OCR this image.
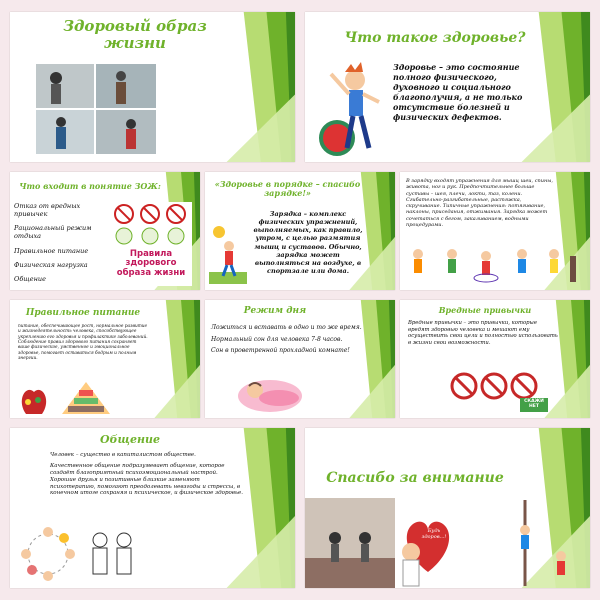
Здоровый образ жизни	Что такое здоровье?
Здоровье – это состояние полного физического, духовного и социального благополучия, а не только отсутствие болезней и физических дефектов.
Что входит в понятие ЗОЖ:
Отказ от вредных привычек
Рациональный режим отдыха
Правильное питание
Физическая нагрузка
Общение
Правила здорового образа жизни
«Здоровье в порядке – спасибо зарядке!»
Зарядка – комплекс физических упражнений, выполняемых, как правило, утром, с целью размятия мышц и суставов. Обычно, зарядка может выполняться на воздухе, в спортзале или дома.
В зарядку входят упражнения для мышц шеи, спины, живота, ног и рук. Предпочтительнее больше суставы – шея, плечи, локти, таз, колени. Сгибательно-разгибательные, растяжка, скручивание. Типичные упражнения: потягивание, наклоны, приседания, отжимания. Зарядка может сочетаться с бегом, закаливанием, водными процедурами.
Правильное питание
питание, обеспечивающее рост, нормальное развитие и жизнедеятельность человека, способствующее укреплению его здоровья и профилактике заболеваний. Соблюдение правил здорового питания сохраняет ваше физическое, умственное и эмоциональное здоровье, помогает оставаться бодрым и полным энергии.
Режим дня
Ложиться и вставать в одно и то же время.
Нормальный сон для человека 7-8 часов.
Сон в проветренной прохладной комнате!
Вредные привычки
Вредные привычки – это привычки, которые вредят здоровью человека и мешают ему осуществить свои цели и полностью использовать в жизни свои возможности.
СКАЖИ НЕТ
Общение
Человек – существо в капиталистом обществе.
Качественное общение подразумевает общение, которое создаёт благоприятный психоэмоциональный настрой. Хорошие друзья и позитивные близкие заменяют психотерапию, помогают преодолевать невзгоды и стрессы, в конечном итоге сохраняя и психическое, и физическое здоровье.
Спасибо за внимание
Будь здоров...!
